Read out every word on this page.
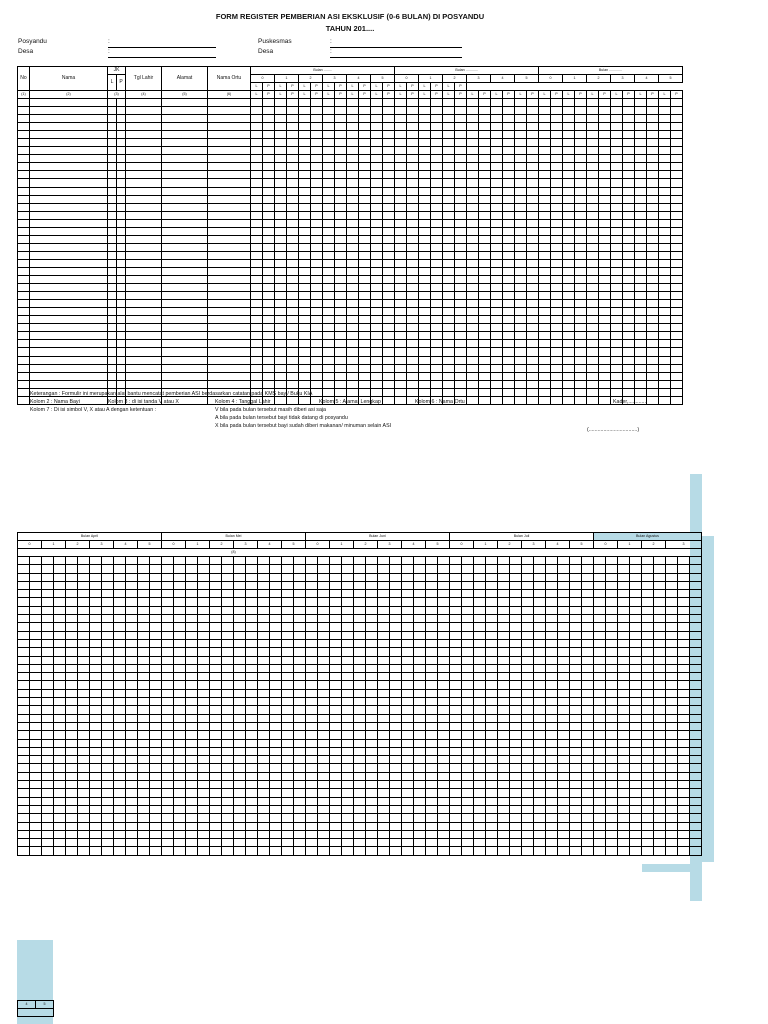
FORM REGISTER PEMBERIAN ASI EKSKLUSIF (0-6 BULAN) DI POSYANDU
TAHUN 201....
Posyandu	:
Desa	:
Puskesmas	:
Desa	:
No	Nama	JK		Tgl Lahir	Alamat	Nama Ortu	Bulan ........												Bulan ............												Bulan .............											
		L	P				0		1		2		3		4		5		0		1		2		3		4		5		0		1		2		3		4		5	
							L	P	L	P	L	P	L	P	L	P	L	P	L	P	L	P	L	P																		
(1)	(2)	(3)		(4)	(5)	(6)	L	P	L	P	L	P	L	P	L	P	L	P	L	P	L	P	L	P	L	P	L	P	L	P	L	P	L	P	L	P	L	P	L	P	L	P

Keterangan : Formulir ini merupakan alat bantu mencatat pemberian ASI berdasarkan catatan pada KMS bayi/ Buku KIA
Kolom 2 : Nama Bayi	Kolom 3 : di isi tanda V atau X	Kolom 4 : Tanggal Lahir	Kolom 5 : Alamat Lengkap	Kolom 6 : Nama Ortu	Kader,.............
Kolom 7 : Di isi simbol V, X atau A dengan ketentuan :	V bila pada bulan tersebut masih diberi asi saja
A bila pada bulan tersebut bayi tidak datang di posyandu
X bila pada bulan tersebut bayi sudah diberi makanan/ minuman selain ASI
(.................................)
Bulan April												Bulan Mei												Bulan Juni												Bulan Juli												Bulan Agustus								
0		1		2		3		4		5		0		1		2		3		4		5		0		1		2		3		4		5		0		1		2		3		4		5		0		1		2		3		
												(8)																																												

4	5
